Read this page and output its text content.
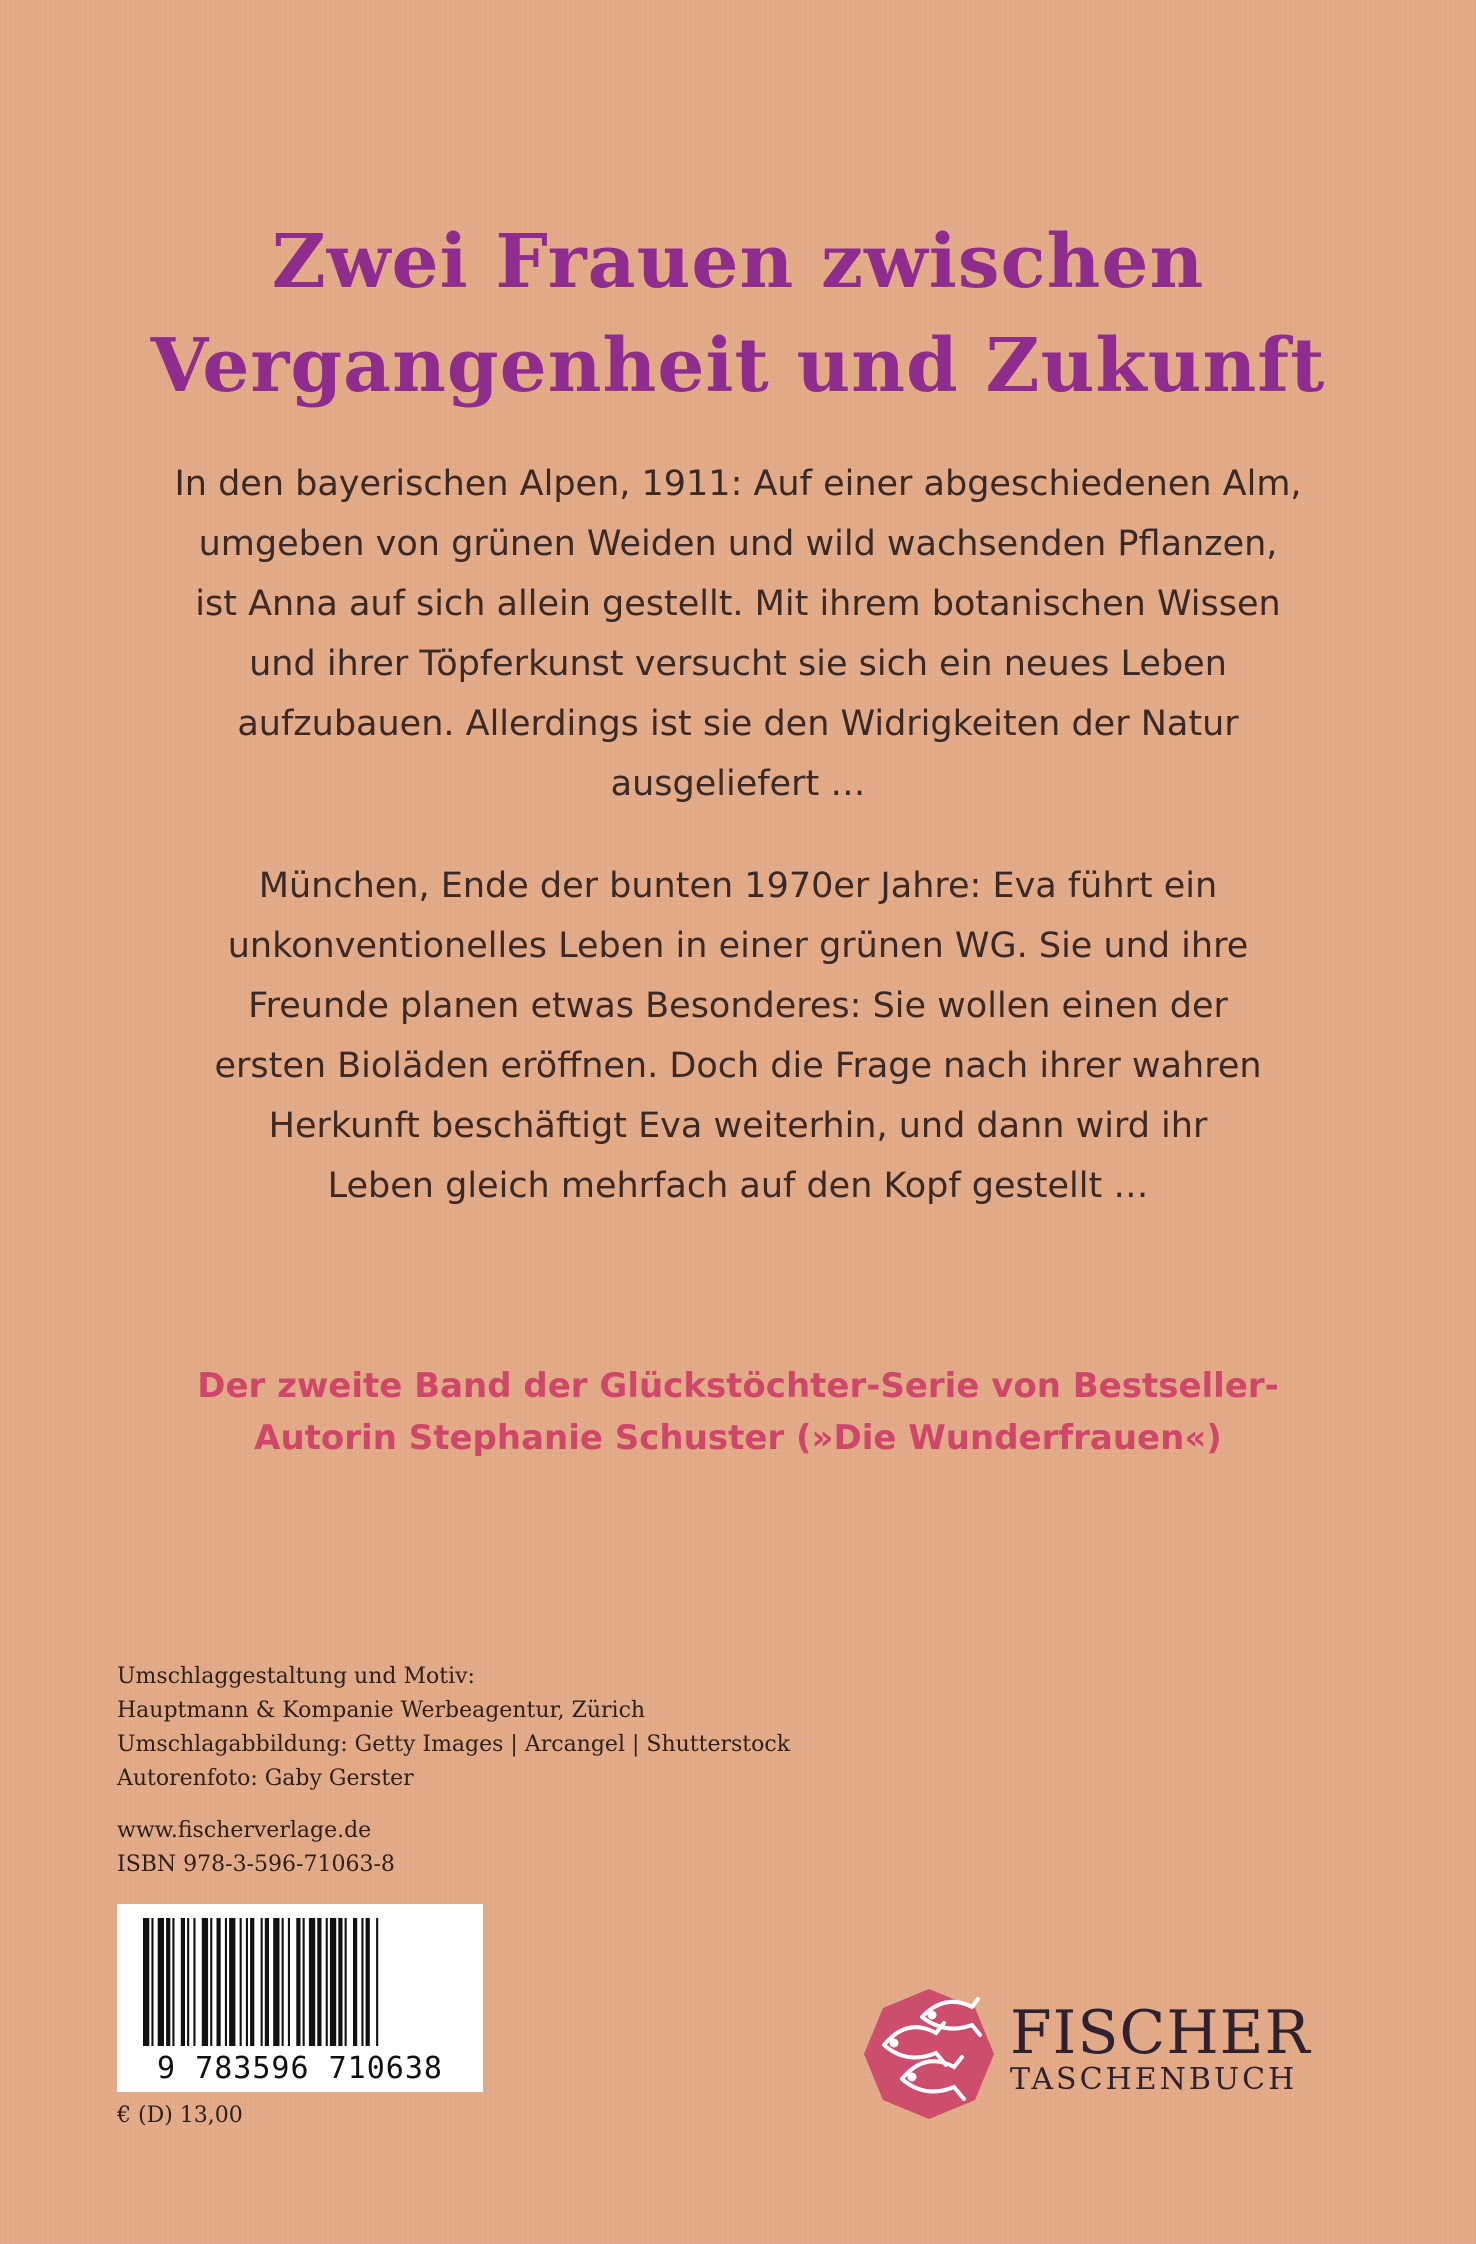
Zwei Frauen zwischen
Vergangenheit und Zukunft
In den bayerischen Alpen, 1911: Auf einer abgeschiedenen Alm,
umgeben von grünen Weiden und wild wachsenden Pflanzen,
ist Anna auf sich allein gestellt. Mit ihrem botanischen Wissen
und ihrer Töpferkunst versucht sie sich ein neues Leben
aufzubauen. Allerdings ist sie den Widrigkeiten der Natur
ausgeliefert …
München, Ende der bunten 1970er Jahre: Eva führt ein
unkonventionelles Leben in einer grünen WG. Sie und ihre
Freunde planen etwas Besonderes: Sie wollen einen der
ersten Bioläden eröffnen. Doch die Frage nach ihrer wahren
Herkunft beschäftigt Eva weiterhin, und dann wird ihr
Leben gleich mehrfach auf den Kopf gestellt …
Der zweite Band der Glückstöchter-Serie von Bestseller-
Autorin Stephanie Schuster (»Die Wunderfrauen«)
Umschlaggestaltung und Motiv:
Hauptmann & Kompanie Werbeagentur, Zürich
Umschlagabbildung: Getty Images | Arcangel | Shutterstock
Autorenfoto: Gaby Gerster
www.fischerverlage.de
ISBN 978-3-596-71063-8
9 783596 710638
€ (D) 13,00
FISCHER
TASCHENBUCH
